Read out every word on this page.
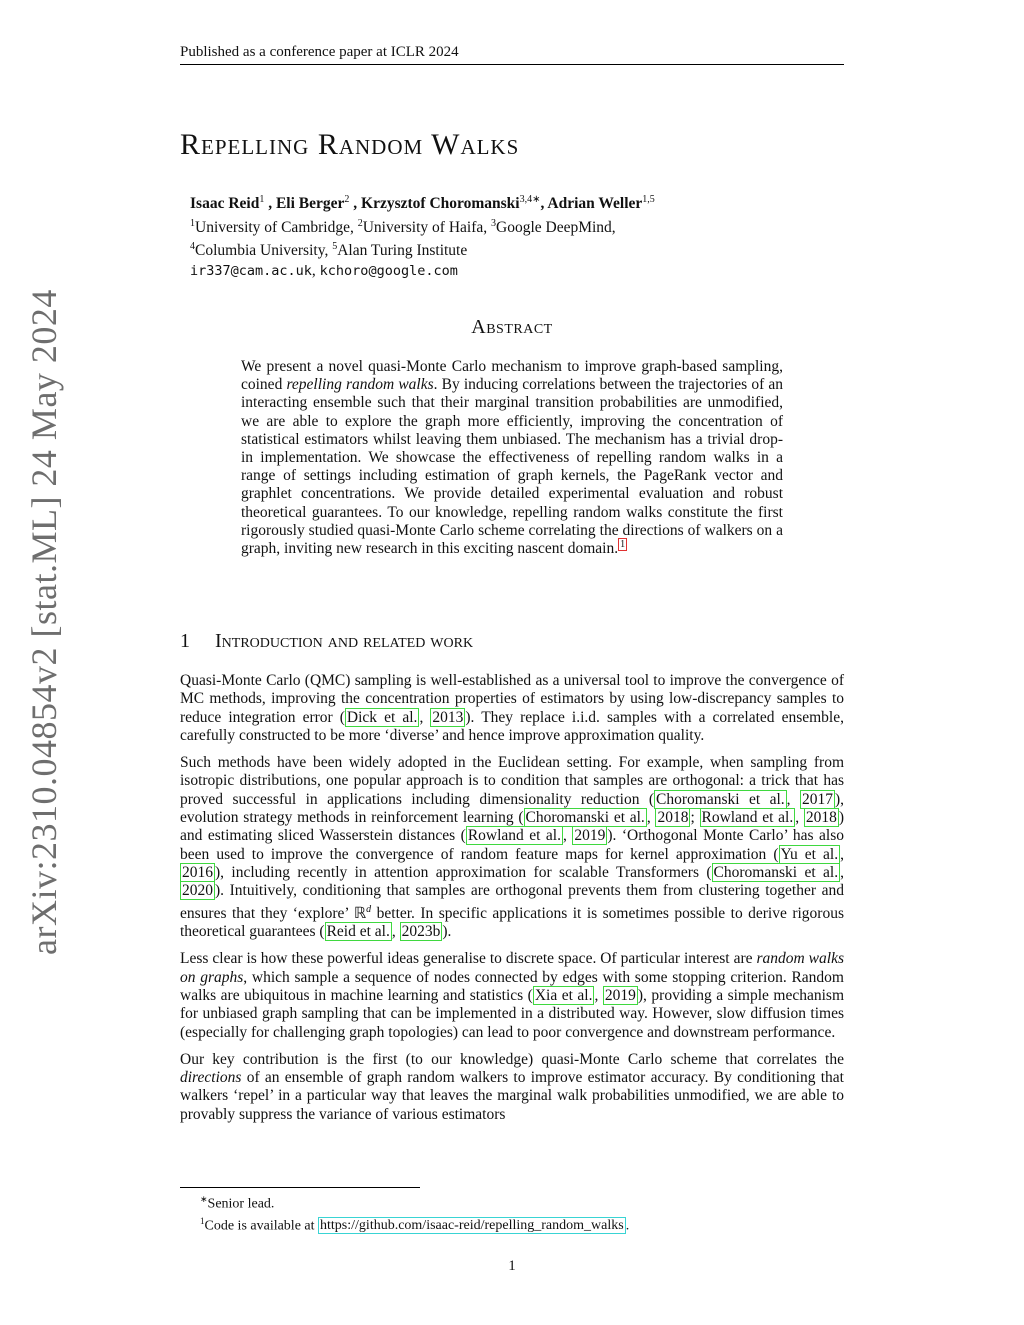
Published as a conference paper at ICLR 2024
arXiv:2310.04854v2 [stat.ML] 24 May 2024
Repelling Random Walks
Isaac Reid$^1$ , Eli Berger$^2$ , Krzysztof Choromanski$^{3,4∗}$, Adrian Weller$^{1,5}$
$^1$University of Cambridge, $^2$University of Haifa, $^3$Google DeepMind,
$^4$Columbia University, $^5$Alan Turing Institute
ir337@cam.ac.uk, kchoro@google.com
Abstract
We present a novel quasi-Monte Carlo mechanism to improve graph-based sampling, coined repelling random walks. By inducing correlations between the trajectories of an interacting ensemble such that their marginal transition probabilities are unmodified, we are able to explore the graph more efficiently, improving the concentration of statistical estimators whilst leaving them unbiased. The mechanism has a trivial drop-in implementation. We showcase the effectiveness of repelling random walks in a range of settings including estimation of graph kernels, the PageRank vector and graphlet concentrations. We provide detailed experimental evaluation and robust theoretical guarantees. To our knowledge, repelling random walks constitute the first rigorously studied quasi-Monte Carlo scheme correlating the directions of walkers on a graph, inviting new research in this exciting nascent domain. $^1$
1 Introduction and related work

Quasi-Monte Carlo (QMC) sampling is well-established as a universal tool to improve the convergence of MC methods, improving the concentration properties of estimators by using low-discrepancy samples to reduce integration error ( Dick et al. , 2013 ). They replace i.i.d. samples with a correlated ensemble, carefully constructed to be more ‘diverse’ and hence improve approximation quality.

Such methods have been widely adopted in the Euclidean setting. For example, when sampling from isotropic distributions, one popular approach is to condition that samples are orthogonal: a trick that has proved successful in applications including dimensionality reduction ( Choromanski et al. , 2017 ), evolution strategy methods in reinforcement learning ( Choromanski et al. , 2018 ; Rowland et al. , 2018 ) and estimating sliced Wasserstein distances ( Rowland et al. , 2019 ). ‘Orthogonal Monte Carlo’ has also been used to improve the convergence of random feature maps for kernel approximation ( Yu et al. , 2016 ), including recently in attention approximation for scalable Transformers ( Choromanski et al. , 2020 ). Intuitively, conditioning that samples are orthogonal prevents them from clustering together and ensures that they ‘explore’ ℝ$^d$ better. In specific applications it is sometimes possible to derive rigorous theoretical guarantees ( Reid et al. , 2023b ).

Less clear is how these powerful ideas generalise to discrete space. Of particular interest are random walks on graphs, which sample a sequence of nodes connected by edges with some stopping criterion. Random walks are ubiquitous in machine learning and statistics ( Xia et al. , 2019 ), providing a simple mechanism for unbiased graph sampling that can be implemented in a distributed way. However, slow diffusion times (especially for challenging graph topologies) can lead to poor convergence and downstream performance.

Our key contribution is the first (to our knowledge) quasi-Monte Carlo scheme that correlates the directions of an ensemble of graph random walkers to improve estimator accuracy. By conditioning that walkers ‘repel’ in a particular way that leaves the marginal walk probabilities unmodified, we are able to provably suppress the variance of various estimators

∗Senior lead.
$^1$Code is available at https://github.com/isaac-reid/repelling_random_walks .
1
